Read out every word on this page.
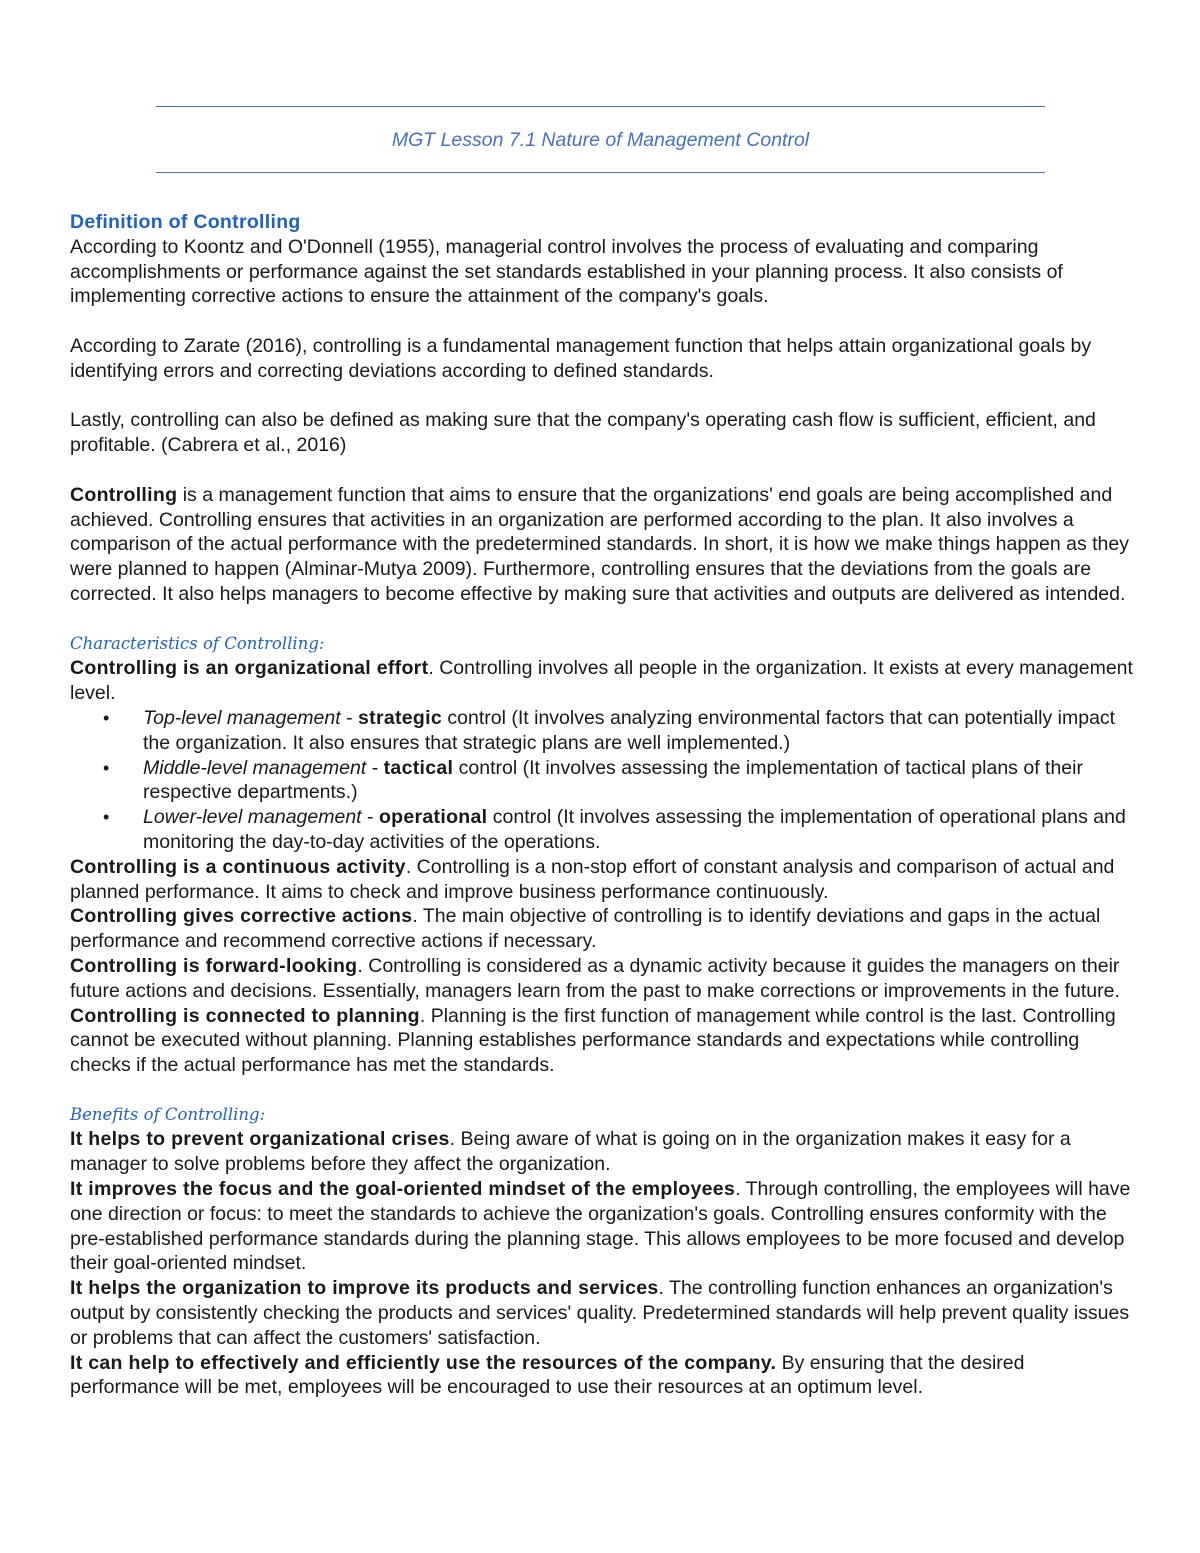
MGT Lesson 7.1 Nature of Management Control
Definition of Controlling
According to Koontz and O'Donnell (1955), managerial control involves the process of evaluating and comparing accomplishments or performance against the set standards established in your planning process. It also consists of implementing corrective actions to ensure the attainment of the company's goals.
According to Zarate (2016), controlling is a fundamental management function that helps attain organizational goals by identifying errors and correcting deviations according to defined standards.
Lastly, controlling can also be defined as making sure that the company's operating cash flow is sufficient, efficient, and profitable. (Cabrera et al., 2016)
Controlling is a management function that aims to ensure that the organizations' end goals are being accomplished and achieved. Controlling ensures that activities in an organization are performed according to the plan. It also involves a comparison of the actual performance with the predetermined standards. In short, it is how we make things happen as they were planned to happen (Alminar-Mutya 2009). Furthermore, controlling ensures that the deviations from the goals are corrected. It also helps managers to become effective by making sure that activities and outputs are delivered as intended.
Characteristics of Controlling:
Controlling is an organizational effort. Controlling involves all people in the organization. It exists at every management level.
• Top-level management - strategic control (It involves analyzing environmental factors that can potentially impact the organization. It also ensures that strategic plans are well implemented.)
• Middle-level management - tactical control (It involves assessing the implementation of tactical plans of their respective departments.)
• Lower-level management - operational control (It involves assessing the implementation of operational plans and monitoring the day-to-day activities of the operations.
Controlling is a continuous activity. Controlling is a non-stop effort of constant analysis and comparison of actual and planned performance. It aims to check and improve business performance continuously.
Controlling gives corrective actions. The main objective of controlling is to identify deviations and gaps in the actual performance and recommend corrective actions if necessary.
Controlling is forward-looking. Controlling is considered as a dynamic activity because it guides the managers on their future actions and decisions. Essentially, managers learn from the past to make corrections or improvements in the future.
Controlling is connected to planning. Planning is the first function of management while control is the last. Controlling cannot be executed without planning. Planning establishes performance standards and expectations while controlling checks if the actual performance has met the standards.
Benefits of Controlling:
It helps to prevent organizational crises. Being aware of what is going on in the organization makes it easy for a manager to solve problems before they affect the organization.
It improves the focus and the goal-oriented mindset of the employees. Through controlling, the employees will have one direction or focus: to meet the standards to achieve the organization's goals. Controlling ensures conformity with the pre-established performance standards during the planning stage. This allows employees to be more focused and develop their goal-oriented mindset.
It helps the organization to improve its products and services. The controlling function enhances an organization's output by consistently checking the products and services' quality. Predetermined standards will help prevent quality issues or problems that can affect the customers' satisfaction.
It can help to effectively and efficiently use the resources of the company. By ensuring that the desired performance will be met, employees will be encouraged to use their resources at an optimum level.
